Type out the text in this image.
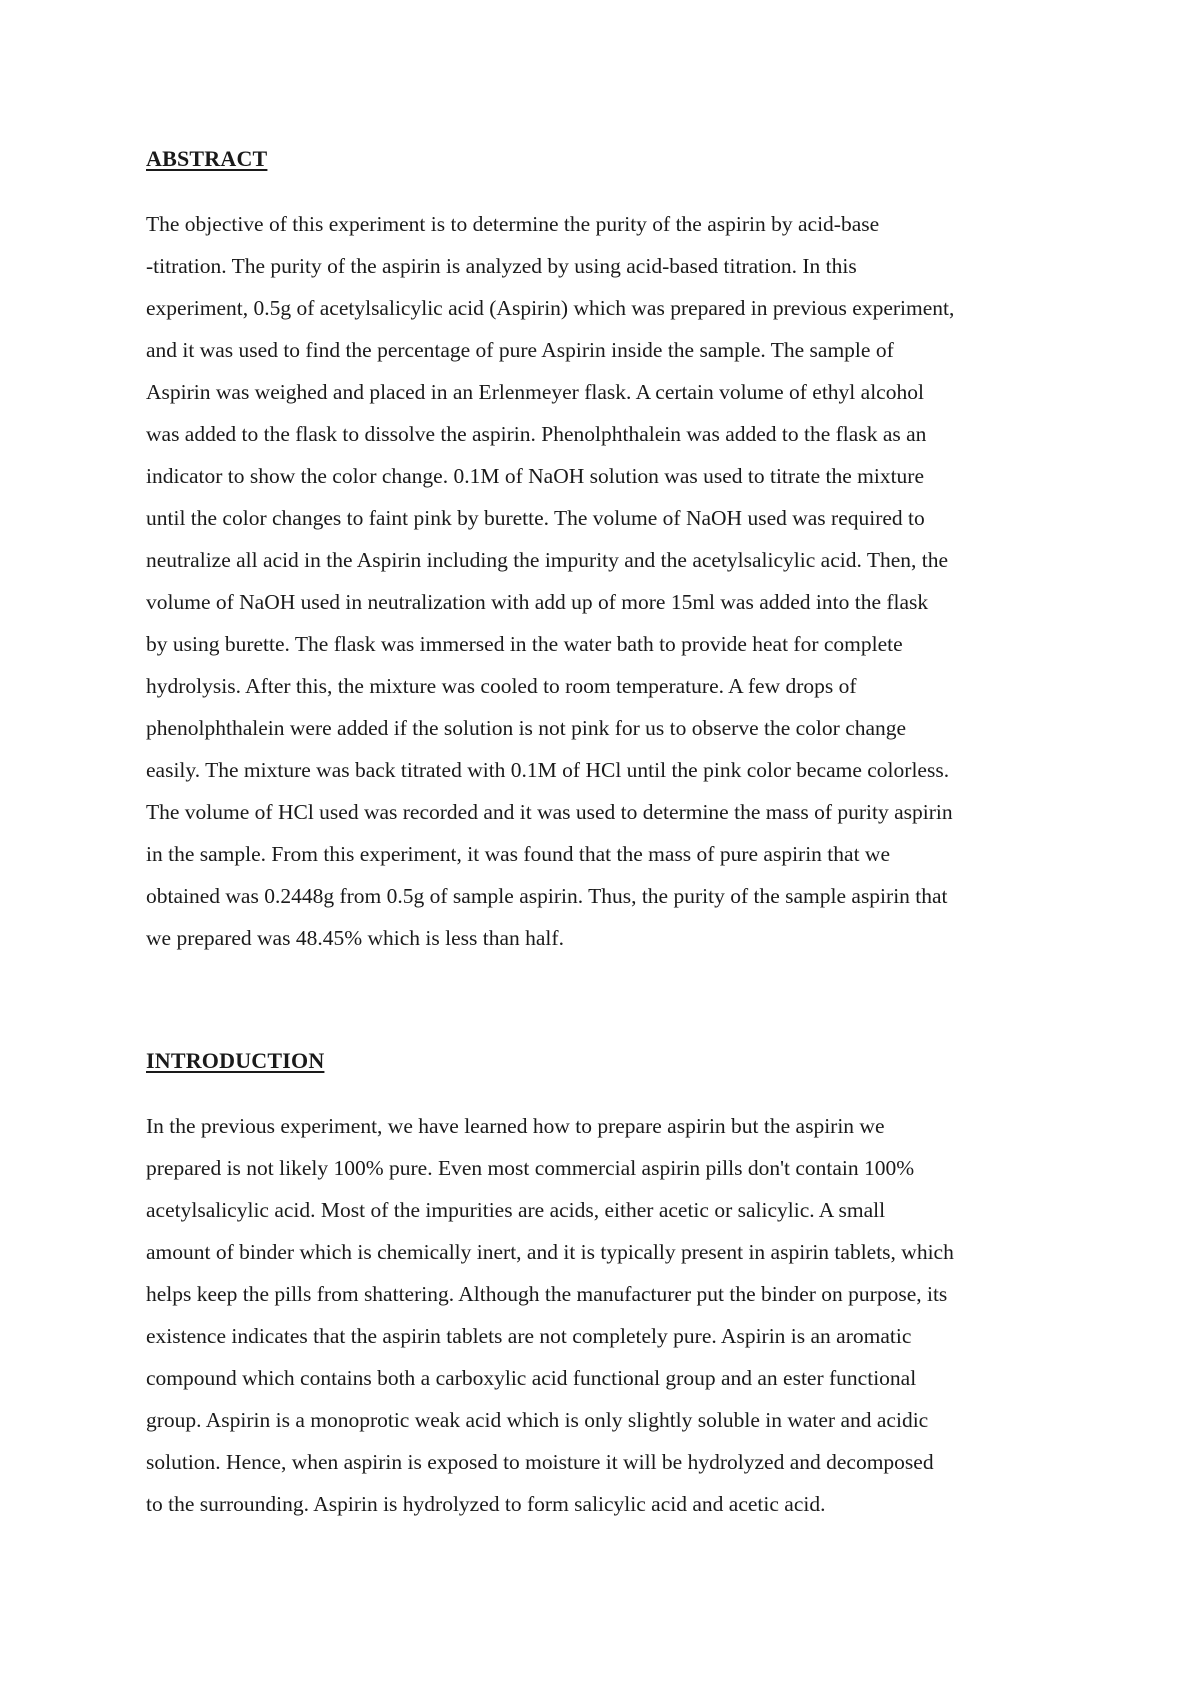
ABSTRACT
The objective of this experiment is to determine the purity of the aspirin by acid-base
-titration. The purity of the aspirin is analyzed by using acid-based titration. In this
experiment, 0.5g of acetylsalicylic acid (Aspirin) which was prepared in previous experiment,
and it was used to find the percentage of pure Aspirin inside the sample. The sample of
Aspirin was weighed and placed in an Erlenmeyer flask. A certain volume of ethyl alcohol
was added to the flask to dissolve the aspirin. Phenolphthalein was added to the flask as an
indicator to show the color change. 0.1M of NaOH solution was used to titrate the mixture
until the color changes to faint pink by burette. The volume of NaOH used was required to
neutralize all acid in the Aspirin including the impurity and the acetylsalicylic acid. Then, the
volume of NaOH used in neutralization with add up of more 15ml was added into the flask
by using burette. The flask was immersed in the water bath to provide heat for complete
hydrolysis. After this, the mixture was cooled to room temperature. A few drops of
phenolphthalein were added if the solution is not pink for us to observe the color change
easily. The mixture was back titrated with 0.1M of HCl until the pink color became colorless.
The volume of HCl used was recorded and it was used to determine the mass of purity aspirin
in the sample. From this experiment, it was found that the mass of pure aspirin that we
obtained was 0.2448g from 0.5g of sample aspirin. Thus, the purity of the sample aspirin that
we prepared was 48.45% which is less than half.
INTRODUCTION
In the previous experiment, we have learned how to prepare aspirin but the aspirin we
prepared is not likely 100% pure. Even most commercial aspirin pills don't contain 100%
acetylsalicylic acid. Most of the impurities are acids, either acetic or salicylic. A small
amount of binder which is chemically inert, and it is typically present in aspirin tablets, which
helps keep the pills from shattering. Although the manufacturer put the binder on purpose, its
existence indicates that the aspirin tablets are not completely pure. Aspirin is an aromatic
compound which contains both a carboxylic acid functional group and an ester functional
group. Aspirin is a monoprotic weak acid which is only slightly soluble in water and acidic
solution. Hence, when aspirin is exposed to moisture it will be hydrolyzed and decomposed
to the surrounding. Aspirin is hydrolyzed to form salicylic acid and acetic acid.
